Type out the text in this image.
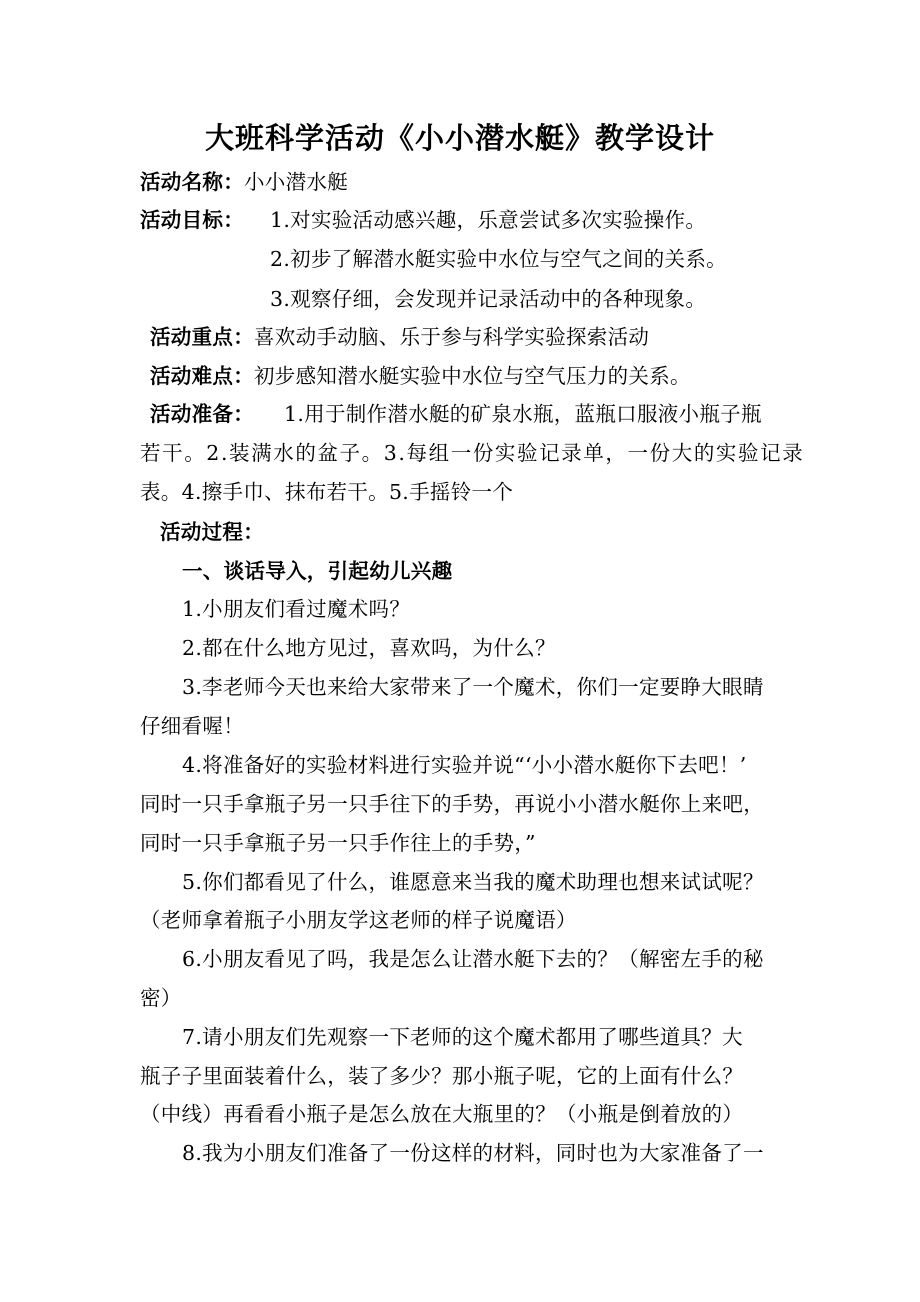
大班科学活动《小小潜水艇》教学设计

活动名称：小小潜水艇

活动目标： 1.对实验活动感兴趣，乐意尝试多次实验操作。

2.初步了解潜水艇实验中水位与空气之间的关系。

3.观察仔细，会发现并记录活动中的各种现象。

活动重点：喜欢动手动脑、乐于参与科学实验探索活动

活动难点：初步感知潜水艇实验中水位与空气压力的关系。

活动准备： 1.用于制作潜水艇的矿泉水瓶，蓝瓶口服液小瓶子瓶

若干。2.装满水的盆子。3.每组一份实验记录单，一份大的实验记录

表。4.擦手巾、抹布若干。5.手摇铃一个

活动过程：

一、谈话导入，引起幼儿兴趣

1.小朋友们看过魔术吗？

2.都在什么地方见过，喜欢吗，为什么？

3.李老师今天也来给大家带来了一个魔术，你们一定要睁大眼睛

仔细看喔！

4.将准备好的实验材料进行实验并说“‘小小潜水艇你下去吧！’

同时一只手拿瓶子另一只手往下的手势，再说小小潜水艇你上来吧，

同时一只手拿瓶子另一只手作往上的手势，”

5.你们都看见了什么，谁愿意来当我的魔术助理也想来试试呢？

（老师拿着瓶子小朋友学这老师的样子说魔语）

6.小朋友看见了吗，我是怎么让潜水艇下去的？（解密左手的秘

密）

7.请小朋友们先观察一下老师的这个魔术都用了哪些道具？大

瓶子子里面装着什么，装了多少？那小瓶子呢，它的上面有什么？

（中线）再看看小瓶子是怎么放在大瓶里的？（小瓶是倒着放的）

8.我为小朋友们准备了一份这样的材料，同时也为大家准备了一
